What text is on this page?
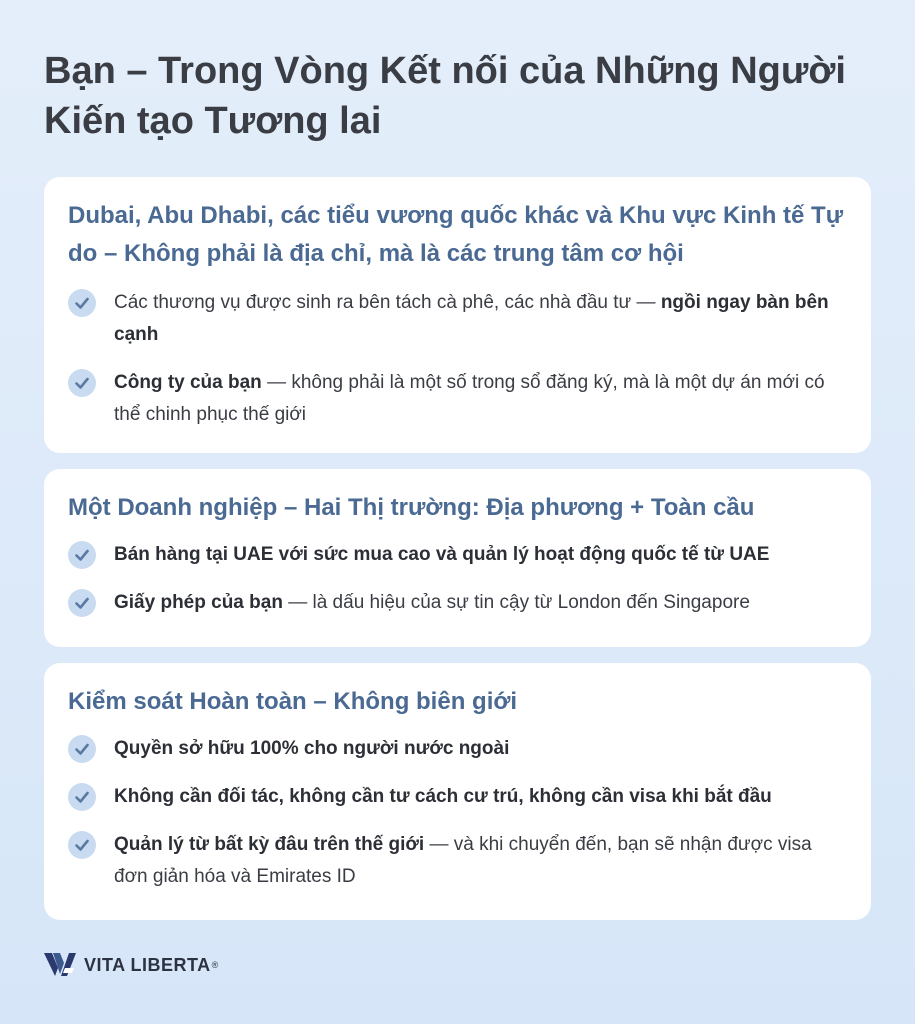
Bạn – Trong Vòng Kết nối của Những Người Kiến tạo Tương lai
Dubai, Abu Dhabi, các tiểu vương quốc khác và Khu vực Kinh tế Tự do – Không phải là địa chỉ, mà là các trung tâm cơ hội
Các thương vụ được sinh ra bên tách cà phê, các nhà đầu tư — ngồi ngay bàn bên cạnh
Công ty của bạn — không phải là một số trong sổ đăng ký, mà là một dự án mới có thể chinh phục thế giới
Một Doanh nghiệp – Hai Thị trường: Địa phương + Toàn cầu
Bán hàng tại UAE với sức mua cao và quản lý hoạt động quốc tế từ UAE
Giấy phép của bạn — là dấu hiệu của sự tin cậy từ London đến Singapore
Kiểm soát Hoàn toàn – Không biên giới
Quyền sở hữu 100% cho người nước ngoài
Không cần đối tác, không cần tư cách cư trú, không cần visa khi bắt đầu
Quản lý từ bất kỳ đâu trên thế giới — và khi chuyển đến, bạn sẽ nhận được visa đơn giản hóa và Emirates ID
VITA LIBERTA ®
